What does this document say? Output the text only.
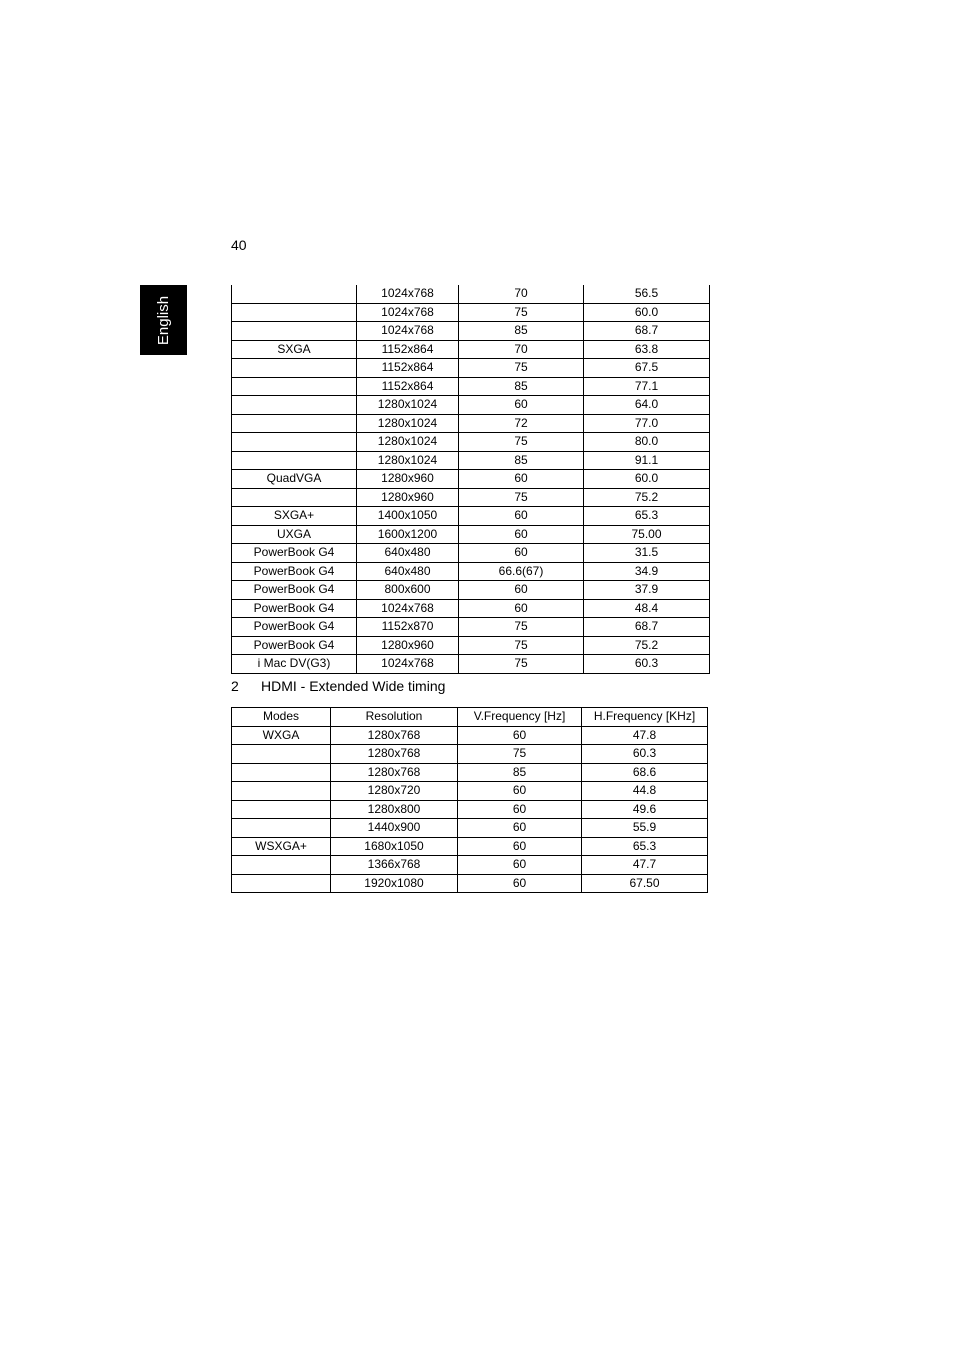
40
English
	1024x768	70	56.5
	1024x768	75	60.0
	1024x768	85	68.7
SXGA	1152x864	70	63.8
	1152x864	75	67.5
	1152x864	85	77.1
	1280x1024	60	64.0
	1280x1024	72	77.0
	1280x1024	75	80.0
	1280x1024	85	91.1
QuadVGA	1280x960	60	60.0
	1280x960	75	75.2
SXGA+	1400x1050	60	65.3
UXGA	1600x1200	60	75.00
PowerBook G4	640x480	60	31.5
PowerBook G4	640x480	66.6(67)	34.9
PowerBook G4	800x600	60	37.9
PowerBook G4	1024x768	60	48.4
PowerBook G4	1152x870	75	68.7
PowerBook G4	1280x960	75	75.2
i Mac DV(G3)	1024x768	75	60.3
2 HDMI - Extended Wide timing
Modes	Resolution	V.Frequency [Hz]	H.Frequency [KHz]
WXGA	1280x768	60	47.8
	1280x768	75	60.3
	1280x768	85	68.6
	1280x720	60	44.8
	1280x800	60	49.6
	1440x900	60	55.9
WSXGA+	1680x1050	60	65.3
	1366x768	60	47.7
	1920x1080	60	67.50
